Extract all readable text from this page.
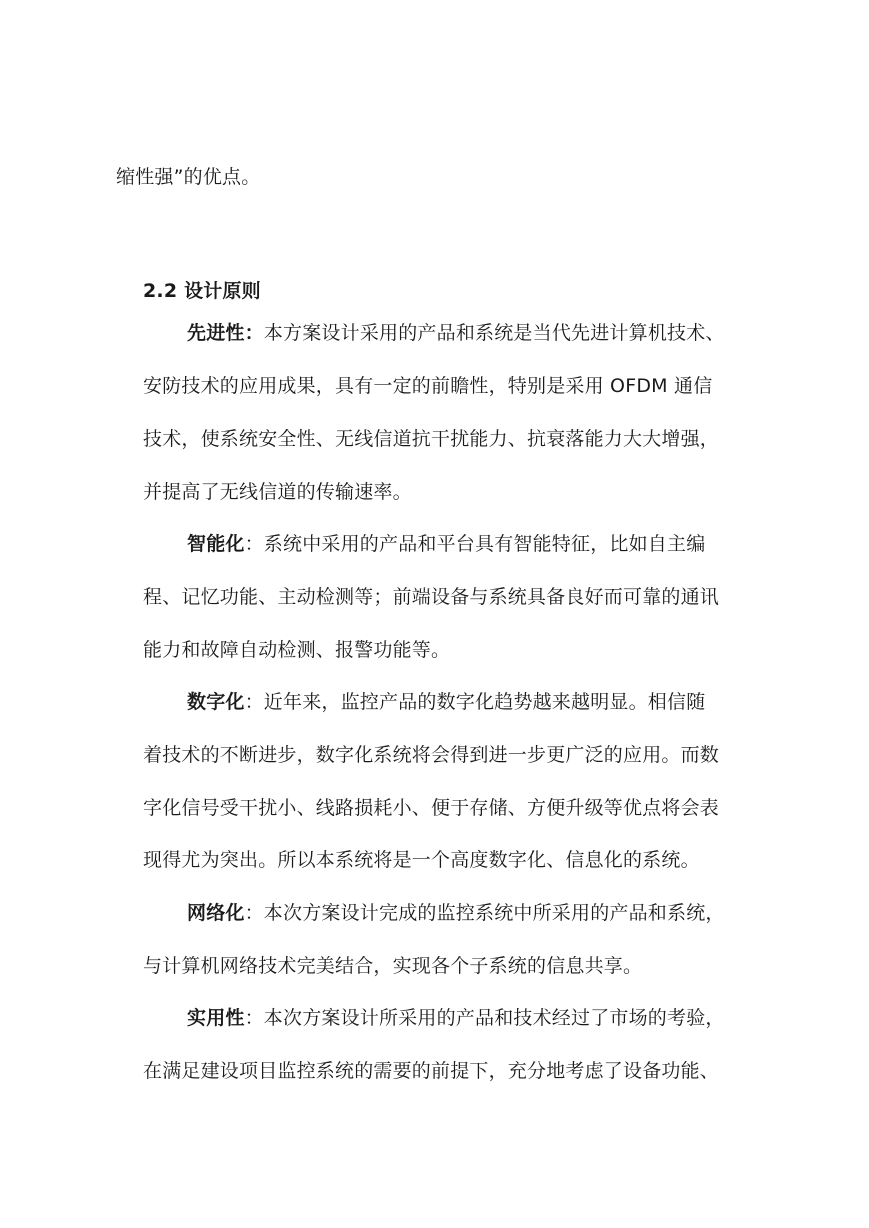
缩性强”的优点。
2.2 设计原则
先进性：本方案设计采用的产品和系统是当代先进计算机技术、
安防技术的应用成果，具有一定的前瞻性，特别是采用 OFDM 通信
技术，使系统安全性、无线信道抗干扰能力、抗衰落能力大大增强，
并提高了无线信道的传输速率。
智能化：系统中采用的产品和平台具有智能特征，比如自主编
程、记忆功能、主动检测等；前端设备与系统具备良好而可靠的通讯
能力和故障自动检测、报警功能等。
数字化：近年来，监控产品的数字化趋势越来越明显。相信随
着技术的不断进步，数字化系统将会得到进一步更广泛的应用。而数
字化信号受干扰小、线路损耗小、便于存储、方便升级等优点将会表
现得尤为突出。所以本系统将是一个高度数字化、信息化的系统。
网络化：本次方案设计完成的监控系统中所采用的产品和系统，
与计算机网络技术完美结合，实现各个子系统的信息共享。
实用性：本次方案设计所采用的产品和技术经过了市场的考验，
在满足建设项目监控系统的需要的前提下，充分地考虑了设备功能、
